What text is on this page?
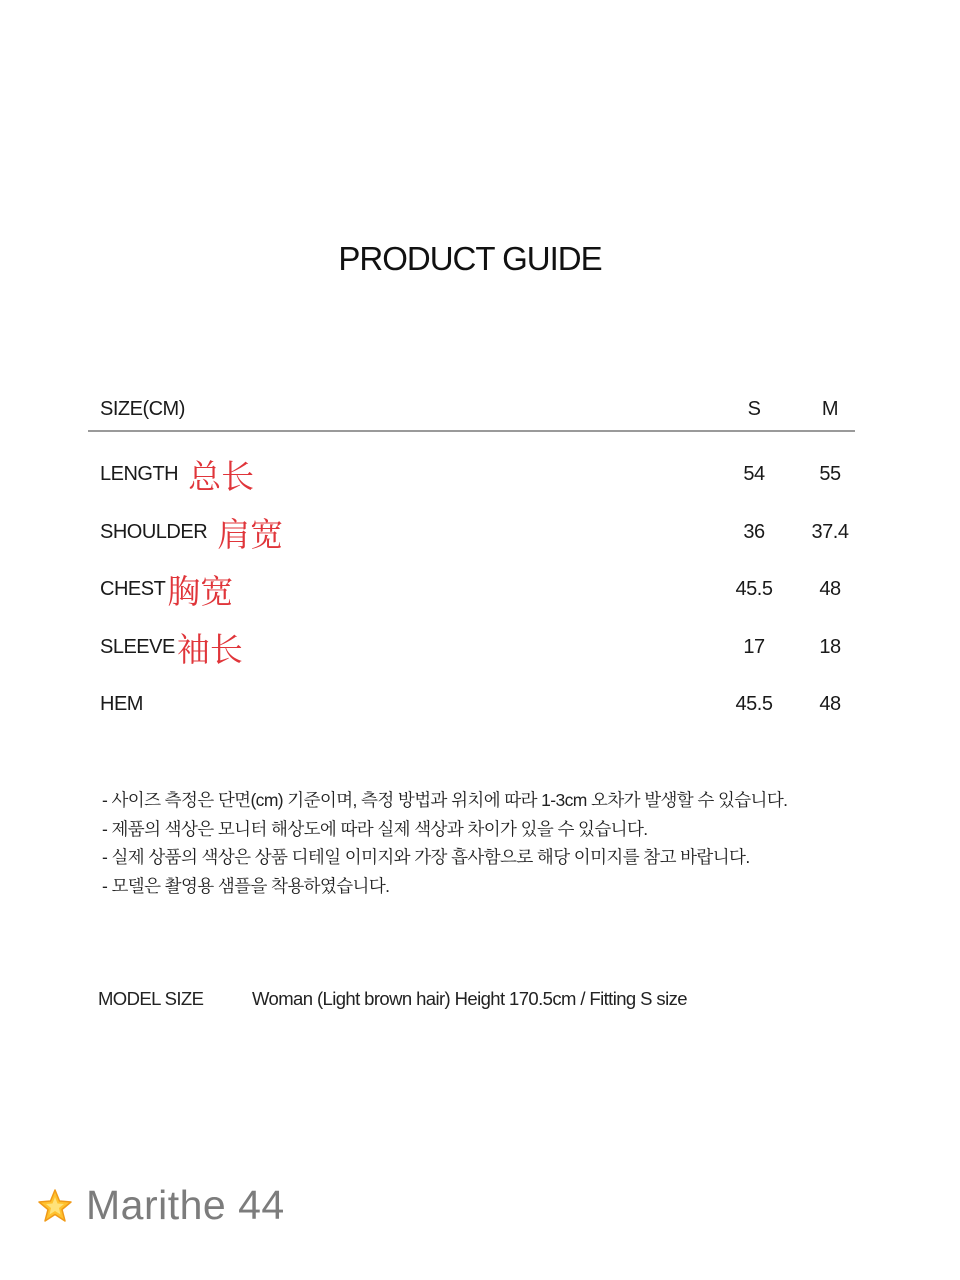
PRODUCT GUIDE
SIZE(CM)	S	M
LENGTH 总长	54	55
SHOULDER 肩宽	36	37.4
CHEST 胸宽	45.5	48
SLEEVE 袖长	17	18
HEM	45.5	48
- 사이즈 측정은 단면(cm) 기준이며, 측정 방법과 위치에 따라 1-3cm 오차가 발생할 수 있습니다.
- 제품의 색상은 모니터 해상도에 따라 실제 색상과 차이가 있을 수 있습니다.
- 실제 상품의 색상은 상품 디테일 이미지와 가장 흡사함으로 해당 이미지를 참고 바랍니다.
- 모델은 촬영용 샘플을 착용하였습니다.
MODEL SIZE	Woman (Light brown hair) Height 170.5cm / Fitting S size
Marithe 44
